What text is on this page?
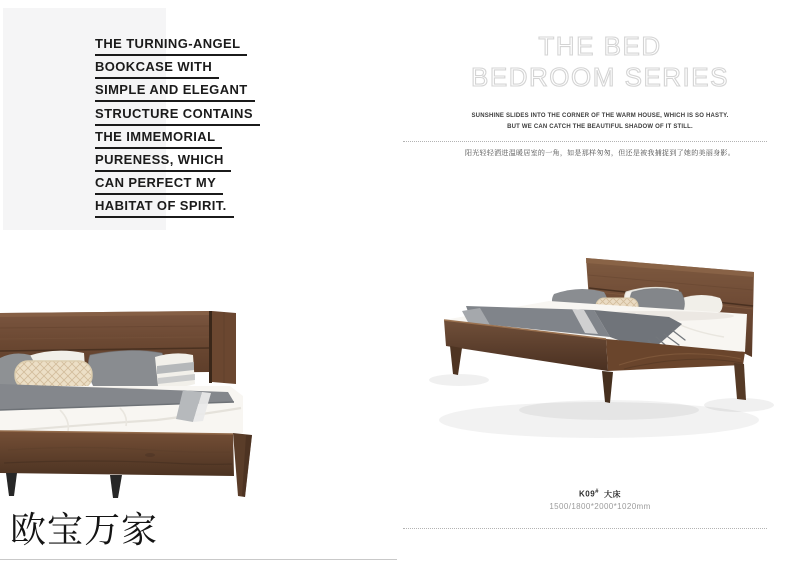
THE TURNING-ANGEL
BOOKCASE WITH
SIMPLE AND ELEGANT
STRUCTURE CONTAINS
THE IMMEMORIAL
PURENESS, WHICH
CAN PERFECT MY
HABITAT OF SPIRIT.
欧宝万家
THE BED
BEDROOM SERIES
SUNSHINE SLIDES INTO THE CORNER OF THE WARM HOUSE, WHICH IS SO HASTY.
BUT WE CAN CATCH THE BEAUTIFUL SHADOW OF IT STILL.
阳光轻轻洒进温暖居室的一角，如是那样匆匆，但还是被我捕捉到了她的美丽身影。
K09# 大床
1500/1800*2000*1020mm
